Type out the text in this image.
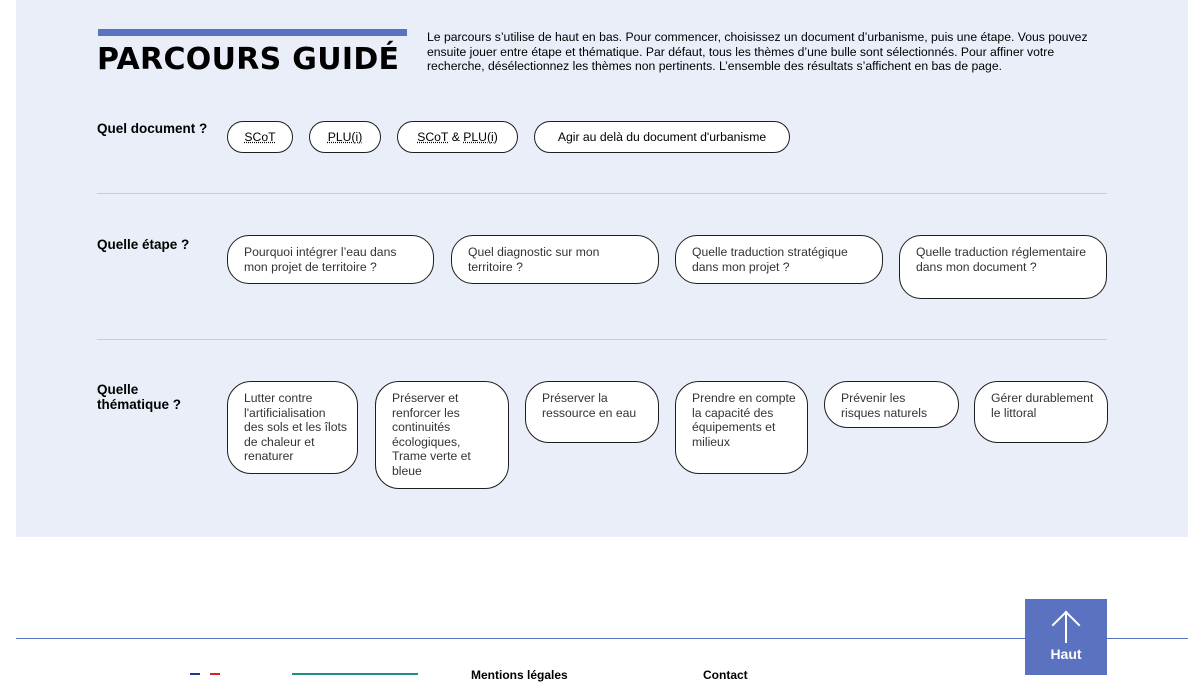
PARCOURS GUIDÉ

Le parcours s’utilise de haut en bas. Pour commencer, choisissez un document d’urbanisme, puis une étape. Vous pouvez ensuite jouer entre étape et thématique. Par défaut, tous les thèmes d’une bulle sont sélectionnés. Pour affiner votre recherche, désélectionnez les thèmes non pertinents. L’ensemble des résultats s’affichent en bas de page.

Quel document ?
SCoT	PLU(i)	SCoT & PLU(i)	Agir au delà du document d'urbanisme
Quelle étape ?	Pourquoi intégrer l’eau dans mon projet de territoire ?
Quel diagnostic sur mon territoire ?
Quelle traduction stratégique dans mon projet ?
Quelle traduction réglementaire dans mon document ?
Quelle thématique ?	Lutter contre l'artificialisation des sols et les îlots de chaleur et renaturer
Préserver et renforcer les continuités écologiques, Trame verte et bleue
Préserver la ressource en eau
Prendre en compte la capacité des équipements et milieux
Prévenir les risques naturels
Gérer durablement le littoral
Mentions légales	Contact
Haut
